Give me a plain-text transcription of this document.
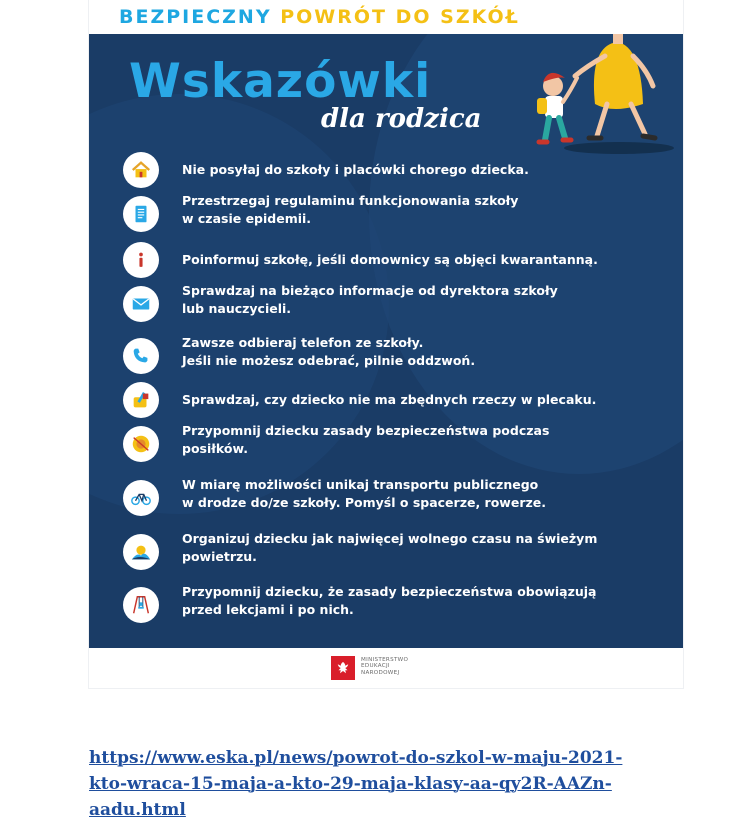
BEZPIECZNY POWRÓT DO SZKÓŁ
Wskazówki
dla rodzica
Nie posyłaj do szkoły i placówki chorego dziecka.
Przestrzegaj regulaminu funkcjonowania szkoły
w czasie epidemii.
Poinformuj szkołę, jeśli domownicy są objęci kwarantanną.
Sprawdzaj na bieżąco informacje od dyrektora szkoły
lub nauczycieli.
Zawsze odbieraj telefon ze szkoły.
Jeśli nie możesz odebrać, pilnie oddzwoń.
Sprawdzaj, czy dziecko nie ma zbędnych rzeczy w plecaku.
Przypomnij dziecku zasady bezpieczeństwa podczas
posiłków.
W miarę możliwości unikaj transportu publicznego
w drodze do/ze szkoły. Pomyśl o spacerze, rowerze.
Organizuj dziecku jak najwięcej wolnego czasu na świeżym
powietrzu.
Przypomnij dziecku, że zasady bezpieczeństwa obowiązują
przed lekcjami i po nich.
MINISTERSTWO
EDUKACJI
NARODOWEJ
https://www.eska.pl/news/powrot-do-szkol-w-maju-2021-
kto-wraca-15-maja-a-kto-29-maja-klasy-aa-qy2R-AAZn-
aadu.html
